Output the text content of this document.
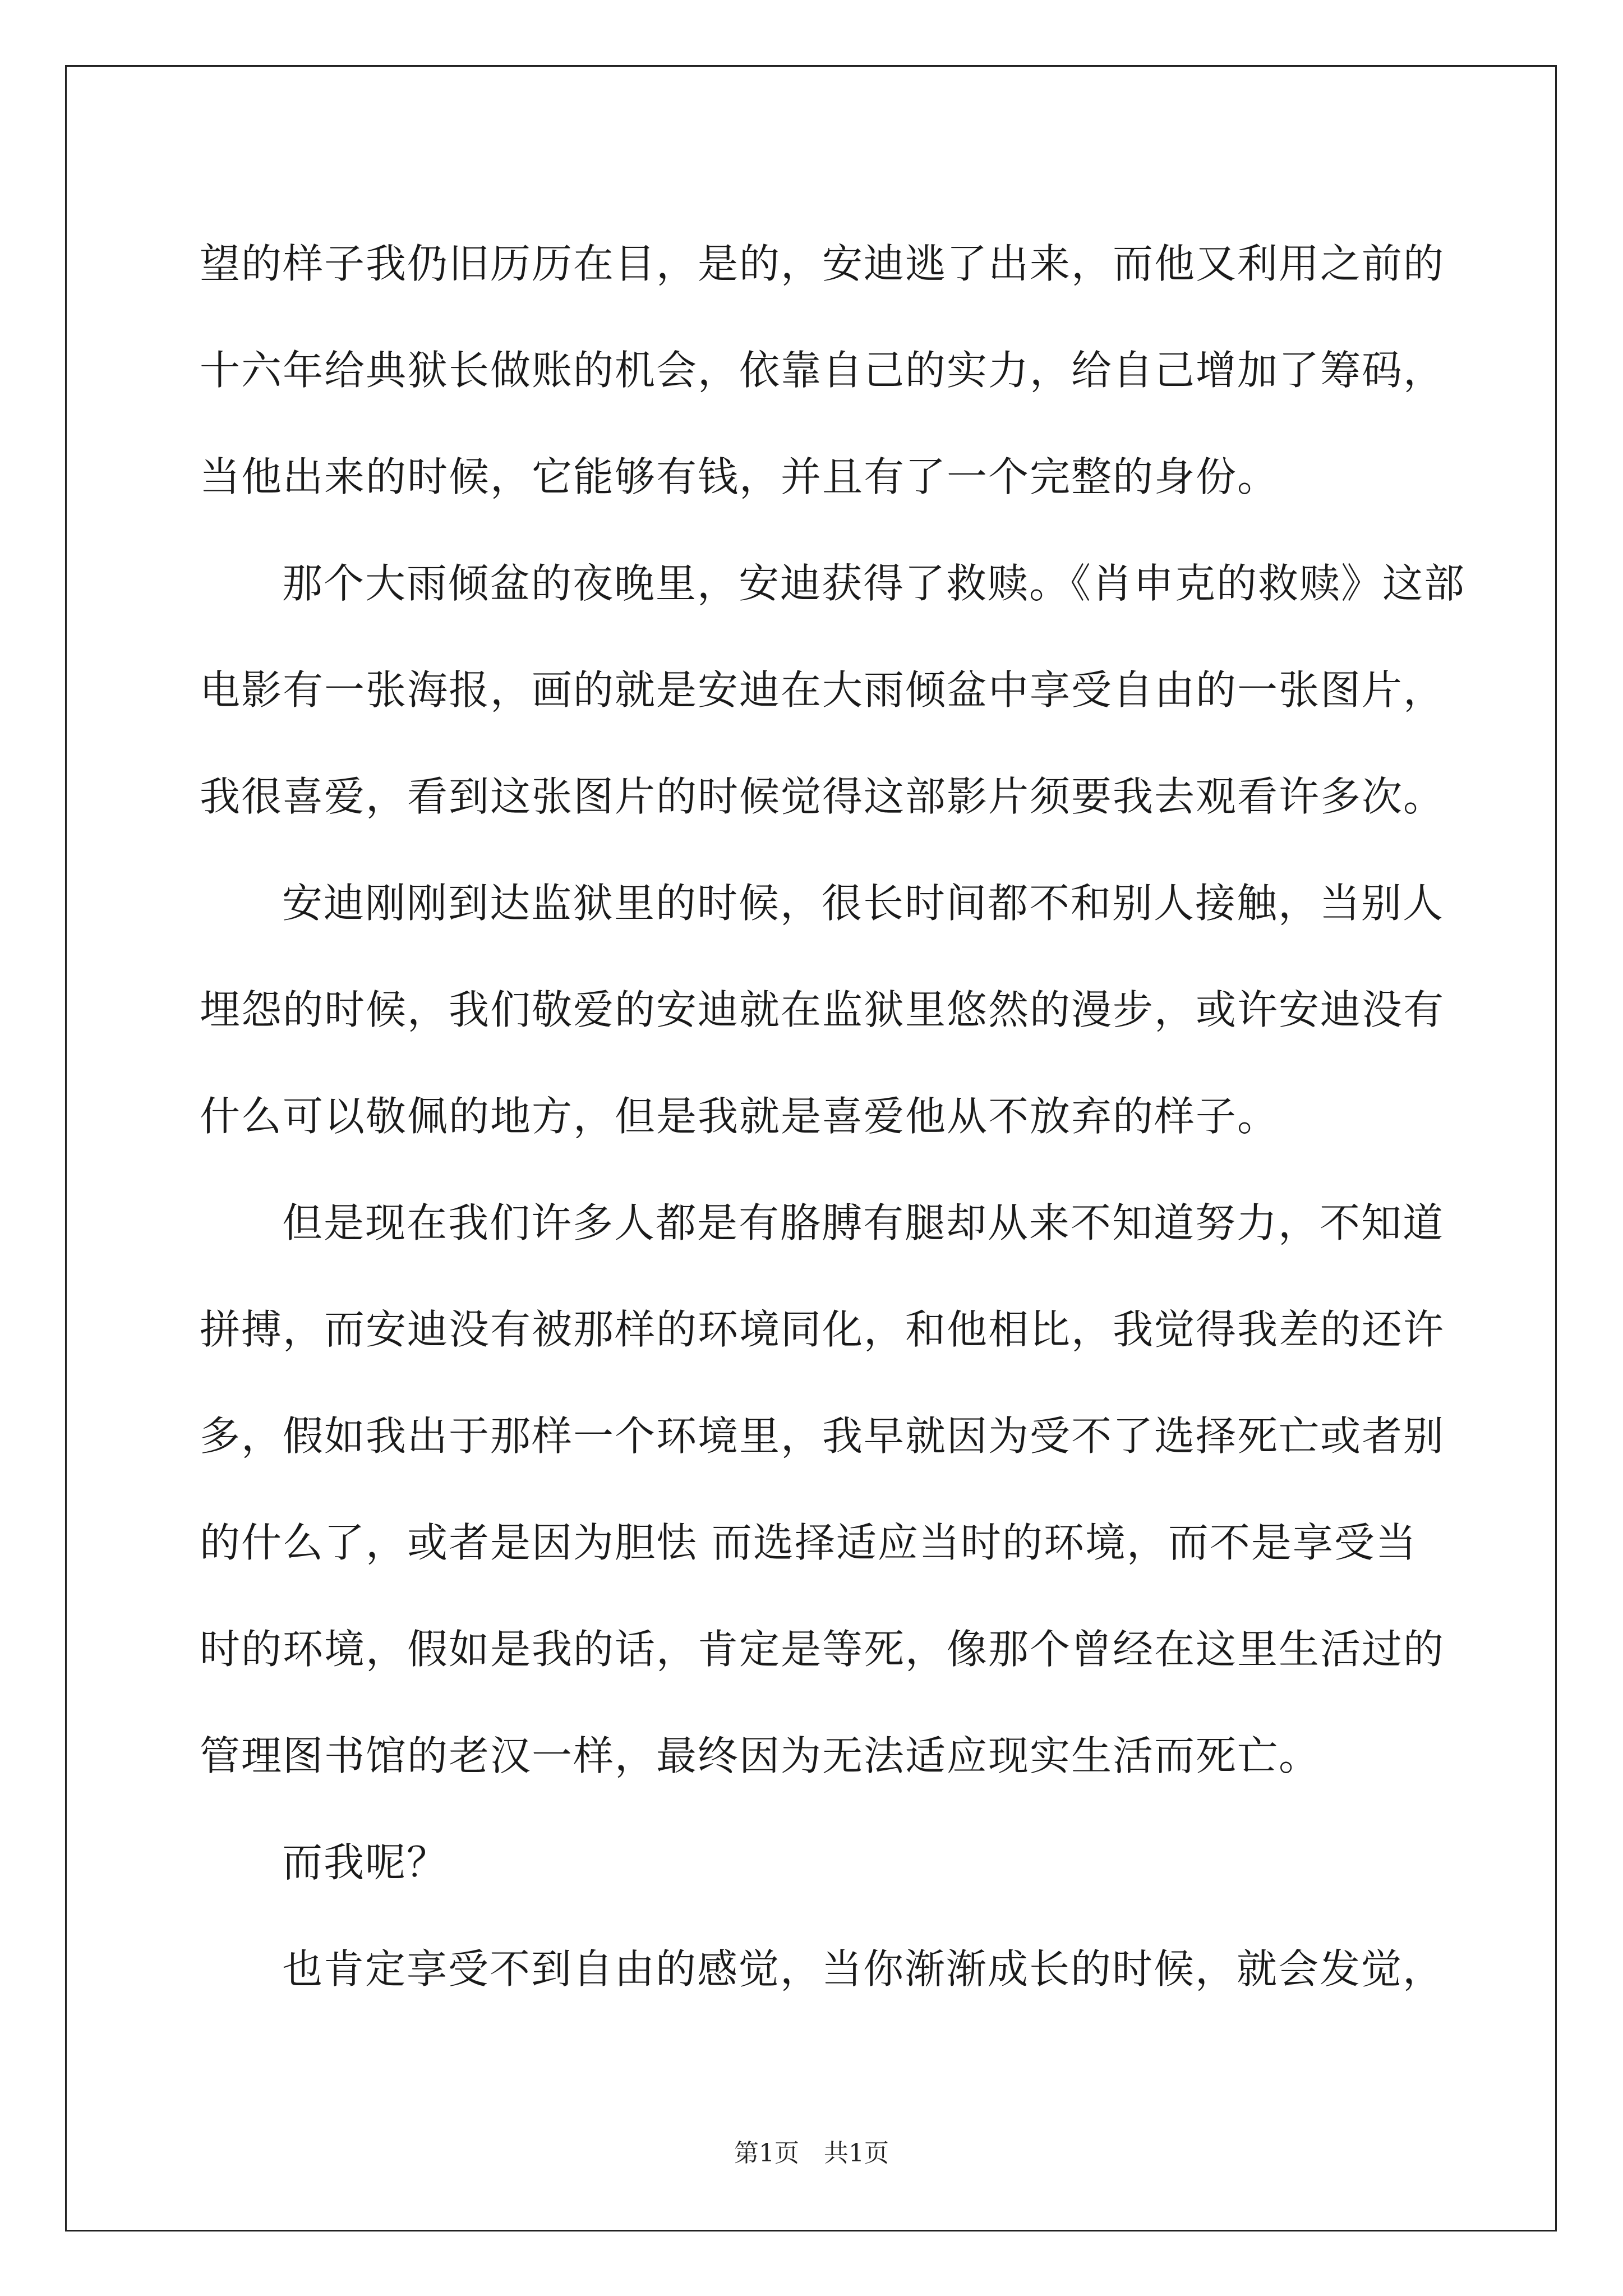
望的样子我仍旧历历在目，是的，安迪逃了出来，而他又利用之前的
十六年给典狱长做账的机会，依靠自己的实力，给自己增加了筹码，
当他出来的时候，它能够有钱，并且有了一个完整的身份。
那个大雨倾盆的夜晚里，安迪获得了救赎。《肖申克的救赎》这部
电影有一张海报，画的就是安迪在大雨倾盆中享受自由的一张图片，
我很喜爱，看到这张图片的时候觉得这部影片须要我去观看许多次。
安迪刚刚到达监狱里的时候，很长时间都不和别人接触，当别人
埋怨的时候，我们敬爱的安迪就在监狱里悠然的漫步，或许安迪没有
什么可以敬佩的地方，但是我就是喜爱他从不放弃的样子。
但是现在我们许多人都是有胳膊有腿却从来不知道努力，不知道
拼搏，而安迪没有被那样的环境同化，和他相比，我觉得我差的还许
多，假如我出于那样一个环境里，我早就因为受不了选择死亡或者别
的什么了，或者是因为胆怯 而选择适应当时的环境，而不是享受当
时的环境，假如是我的话，肯定是等死，像那个曾经在这里生活过的
管理图书馆的老汉一样，最终因为无法适应现实生活而死亡。
而我呢？
也肯定享受不到自由的感觉，当你渐渐成长的时候，就会发觉，
第1页　共1页
